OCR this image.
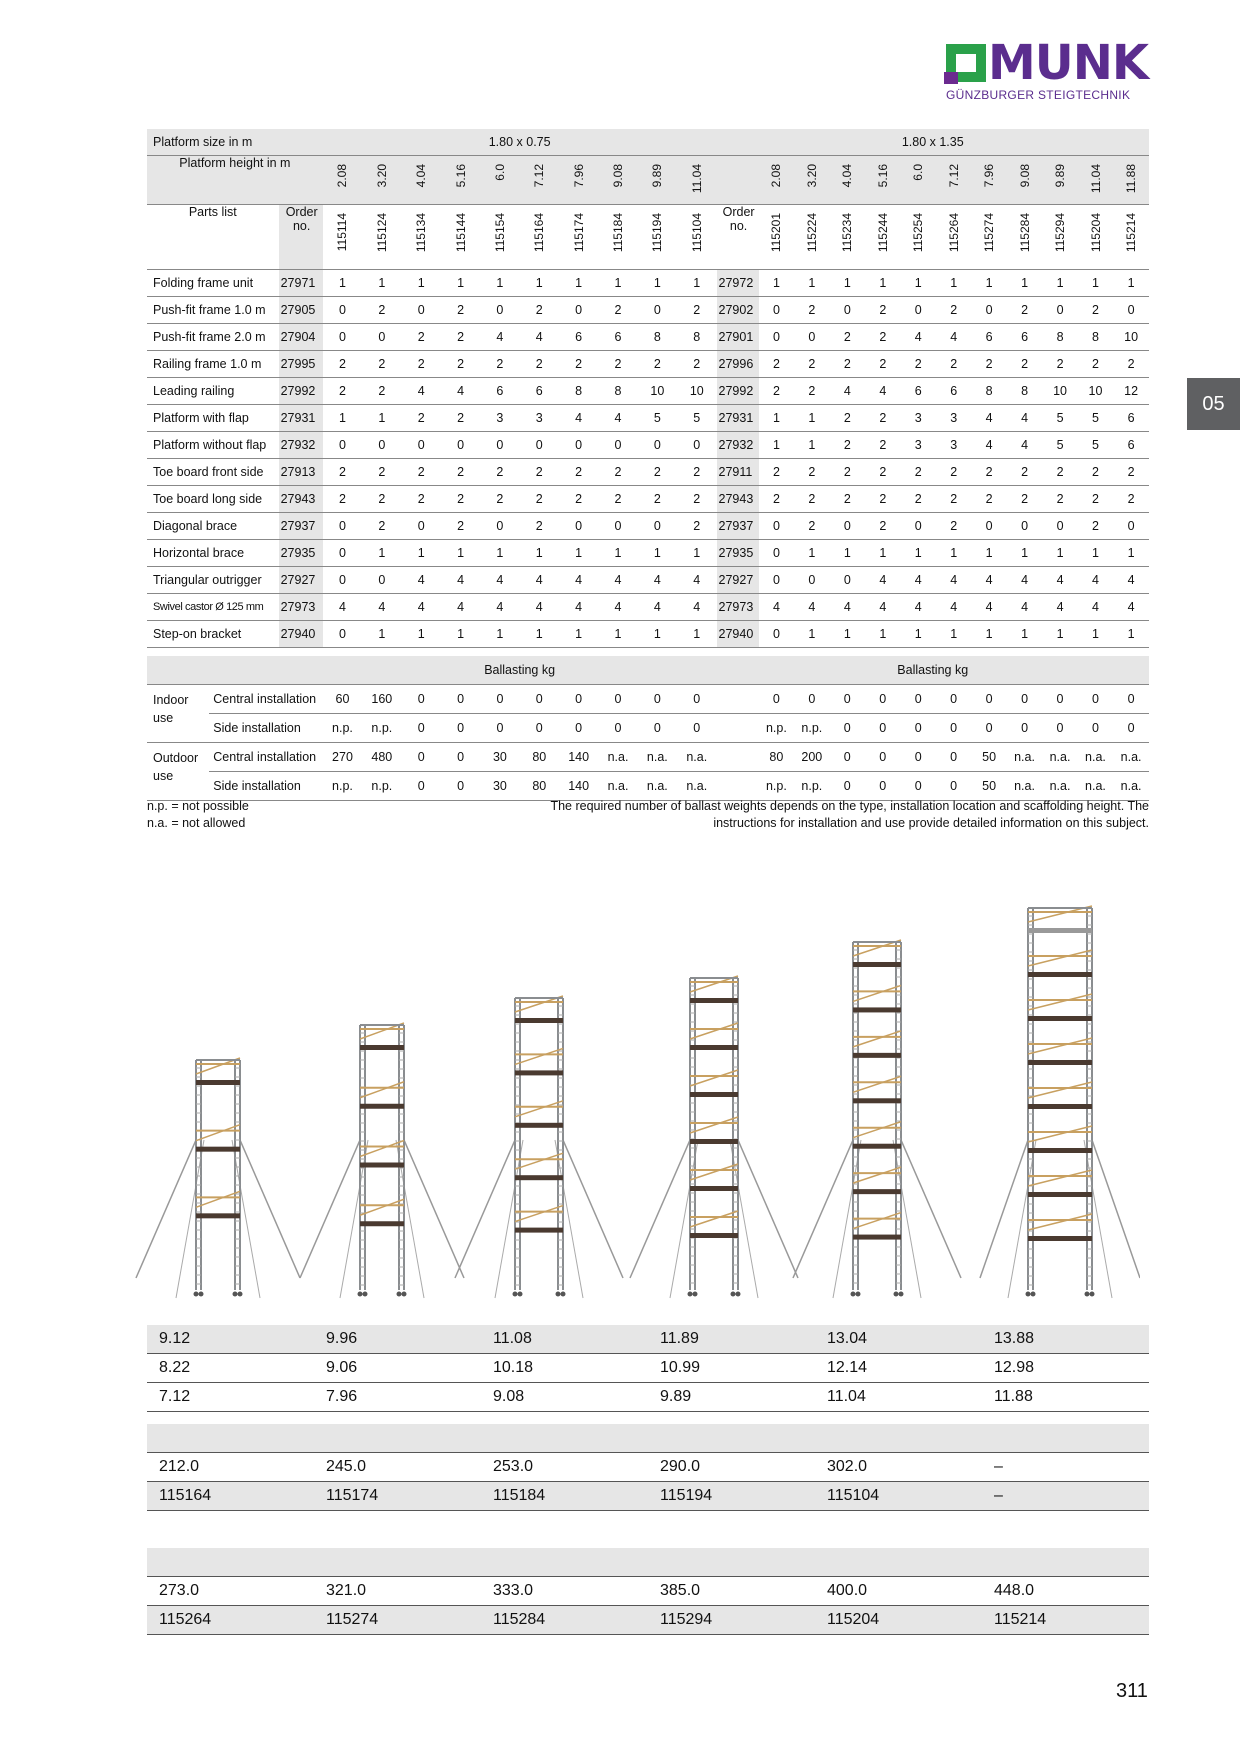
MUNK
GÜNZBURGER STEIGTECHNIK
05
Platform size in m		1.80 x 0.75										1.80 x 1.35											
Platform height in m		2.08	3.20	4.04	5.16	6.0	7.12	7.96	9.08	9.89	11.04		2.08	3.20	4.04	5.16	6.0	7.12	7.96	9.08	9.89	11.04	11.88
Parts list	Order no.	115114	115124	115134	115144	115154	115164	115174	115184	115194	115104	Order no.	115201	115224	115234	115244	115254	115264	115274	115284	115294	115204	115214
Folding frame unit	27971	1	1	1	1	1	1	1	1	1	1	27972	1	1	1	1	1	1	1	1	1	1	1
Push-fit frame 1.0 m	27905	0	2	0	2	0	2	0	2	0	2	27902	0	2	0	2	0	2	0	2	0	2	0
Push-fit frame 2.0 m	27904	0	0	2	2	4	4	6	6	8	8	27901	0	0	2	2	4	4	6	6	8	8	10
Railing frame 1.0 m	27995	2	2	2	2	2	2	2	2	2	2	27996	2	2	2	2	2	2	2	2	2	2	2
Leading railing	27992	2	2	4	4	6	6	8	8	10	10	27992	2	2	4	4	6	6	8	8	10	10	12
Platform with flap	27931	1	1	2	2	3	3	4	4	5	5	27931	1	1	2	2	3	3	4	4	5	5	6
Platform without flap	27932	0	0	0	0	0	0	0	0	0	0	27932	1	1	2	2	3	3	4	4	5	5	6
Toe board front side	27913	2	2	2	2	2	2	2	2	2	2	27911	2	2	2	2	2	2	2	2	2	2	2
Toe board long side	27943	2	2	2	2	2	2	2	2	2	2	27943	2	2	2	2	2	2	2	2	2	2	2
Diagonal brace	27937	0	2	0	2	0	2	0	0	0	2	27937	0	2	0	2	0	2	0	0	0	2	0
Horizontal brace	27935	0	1	1	1	1	1	1	1	1	1	27935	0	1	1	1	1	1	1	1	1	1	1
Triangular outrigger	27927	0	0	4	4	4	4	4	4	4	4	27927	0	0	0	4	4	4	4	4	4	4	4
Swivel castor Ø 125 mm	27973	4	4	4	4	4	4	4	4	4	4	27973	4	4	4	4	4	4	4	4	4	4	4
Step-on bracket	27940	0	1	1	1	1	1	1	1	1	1	27940	0	1	1	1	1	1	1	1	1	1	1
		Ballasting kg										Ballasting kg											
Indoor use	Central installation	60	160	0	0	0	0	0	0	0	0		0	0	0	0	0	0	0	0	0	0	0
	Side installation	n.p.	n.p.	0	0	0	0	0	0	0	0		n.p.	n.p.	0	0	0	0	0	0	0	0	0
Outdoor use	Central installation	270	480	0	0	30	80	140	n.a.	n.a.	n.a.		80	200	0	0	0	0	50	n.a.	n.a.	n.a.	n.a.
	Side installation	n.p.	n.p.	0	0	30	80	140	n.a.	n.a.	n.a.		n.p.	n.p.	0	0	0	0	50	n.a.	n.a.	n.a.	n.a.
n.p. = not possible
n.a. = not allowed
The required number of ballast weights depends on the type, installation location and scaffolding height. The instructions for installation and use provide detailed information on this subject.
9.12	9.96	11.08	11.89	13.04	13.88
8.22	9.06	10.18	10.99	12.14	12.98
7.12	7.96	9.08	9.89	11.04	11.88

212.0	245.0	253.0	290.0	302.0	–
115164	115174	115184	115194	115104	–

273.0	321.0	333.0	385.0	400.0	448.0
115264	115274	115284	115294	115204	115214
311
